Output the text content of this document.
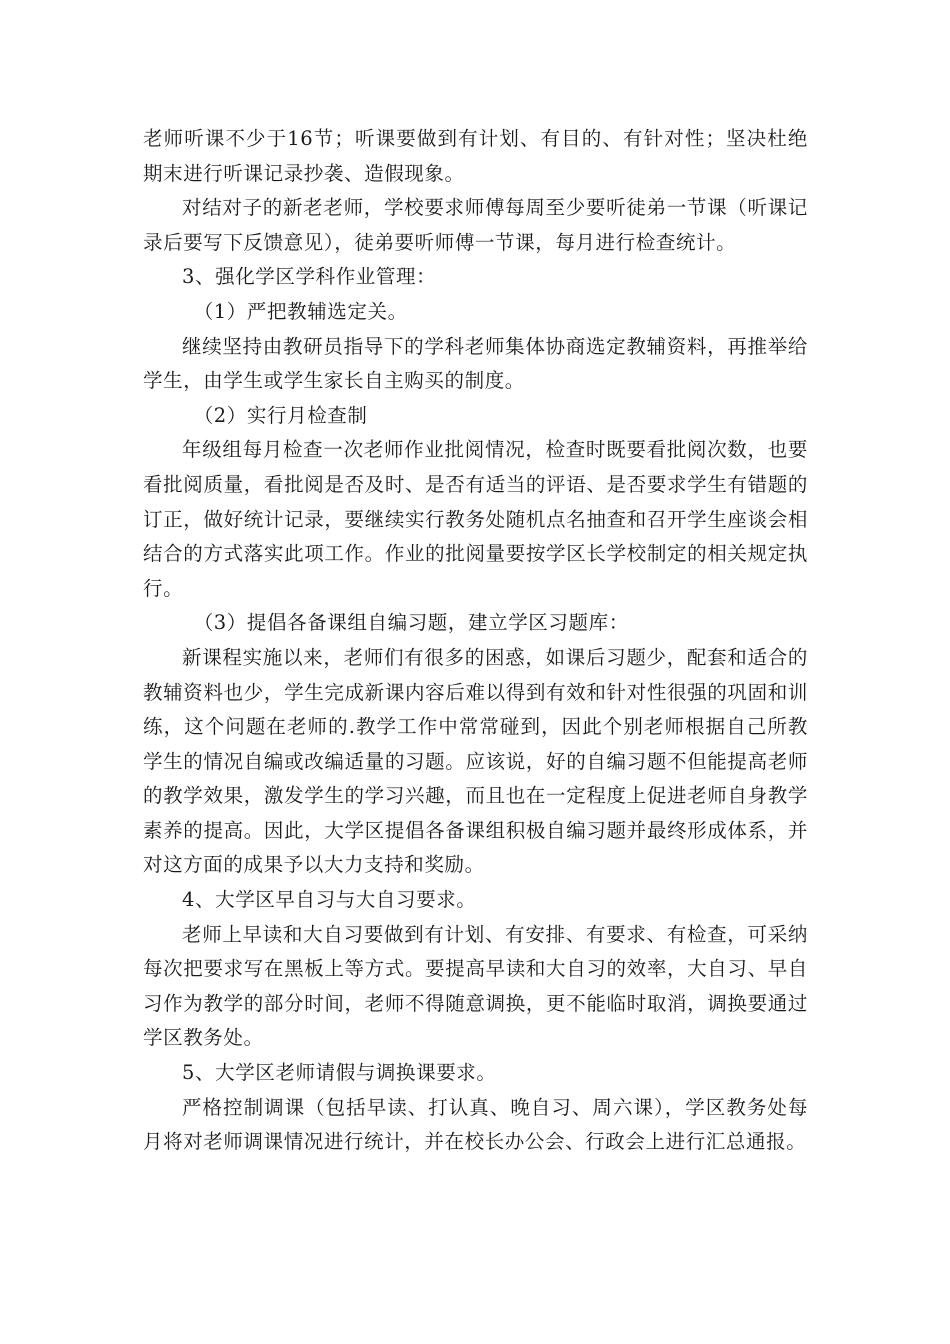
老师听课不少于16节；听课要做到有计划、有目的、有针对性；坚决杜绝期末进行听课记录抄袭、造假现象。

对结对子的新老老师，学校要求师傅每周至少要听徒弟一节课（听课记录后要写下反馈意见），徒弟要听师傅一节课，每月进行检查统计。

3、强化学区学科作业管理：

（1）严把教辅选定关。

继续坚持由教研员指导下的学科老师集体协商选定教辅资料，再推举给学生，由学生或学生家长自主购买的制度。

（2）实行月检查制

年级组每月检查一次老师作业批阅情况，检查时既要看批阅次数，也要看批阅质量，看批阅是否及时、是否有适当的评语、是否要求学生有错题的订正，做好统计记录，要继续实行教务处随机点名抽查和召开学生座谈会相结合的方式落实此项工作。作业的批阅量要按学区长学校制定的相关规定执行。

（3）提倡各备课组自编习题，建立学区习题库：

新课程实施以来，老师们有很多的困惑，如课后习题少，配套和适合的教辅资料也少，学生完成新课内容后难以得到有效和针对性很强的巩固和训练，这个问题在老师的.教学工作中常常碰到，因此个别老师根据自己所教学生的情况自编或改编适量的习题。应该说，好的自编习题不但能提高老师的教学效果，激发学生的学习兴趣，而且也在一定程度上促进老师自身教学素养的提高。因此，大学区提倡各备课组积极自编习题并最终形成体系，并对这方面的成果予以大力支持和奖励。

4、大学区早自习与大自习要求。

老师上早读和大自习要做到有计划、有安排、有要求、有检查，可采纳每次把要求写在黑板上等方式。要提高早读和大自习的效率，大自习、早自习作为教学的部分时间，老师不得随意调换，更不能临时取消，调换要通过学区教务处。

5、大学区老师请假与调换课要求。

严格控制调课（包括早读、打认真、晚自习、周六课），学区教务处每月将对老师调课情况进行统计，并在校长办公会、行政会上进行汇总通报。
